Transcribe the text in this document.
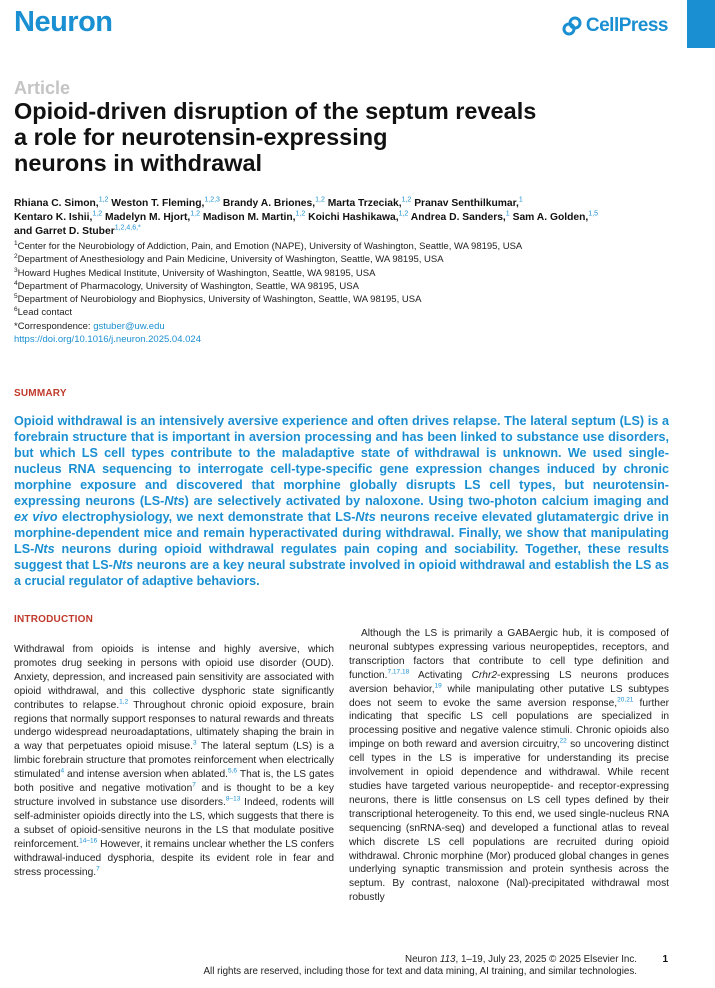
Neuron	CellPress
Article
Opioid-driven disruption of the septum reveals
a role for neurotensin-expressing
neurons in withdrawal
Rhiana C. Simon,$^{1,2}$ Weston T. Fleming,$^{1,2,3}$ Brandy A. Briones,$^{1,2}$ Marta Trzeciak,$^{1,2}$ Pranav Senthilkumar,$^1$
Kentaro K. Ishii,$^{1,2}$ Madelyn M. Hjort,$^{1,2}$ Madison M. Martin,$^{1,2}$ Koichi Hashikawa,$^{1,2}$ Andrea D. Sanders,$^1$ Sam A. Golden,$^{1,5}$
and Garret D. Stuber$^{1,2,4,6,*}$
$^1$Center for the Neurobiology of Addiction, Pain, and Emotion (NAPE), University of Washington, Seattle, WA 98195, USA
$^2$Department of Anesthesiology and Pain Medicine, University of Washington, Seattle, WA 98195, USA
$^3$Howard Hughes Medical Institute, University of Washington, Seattle, WA 98195, USA
$^4$Department of Pharmacology, University of Washington, Seattle, WA 98195, USA
$^5$Department of Neurobiology and Biophysics, University of Washington, Seattle, WA 98195, USA
$^6$Lead contact
*Correspondence: gstuber@uw.edu
https://doi.org/10.1016/j.neuron.2025.04.024
SUMMARY
Opioid withdrawal is an intensively aversive experience and often drives relapse. The lateral septum (LS) is a forebrain structure that is important in aversion processing and has been linked to substance use disorders, but which LS cell types contribute to the maladaptive state of withdrawal is unknown. We used single-nucleus RNA sequencing to interrogate cell-type-specific gene expression changes induced by chronic morphine exposure and discovered that morphine globally disrupts LS cell types, but neurotensin-expressing neurons (LS-Nts) are selectively activated by naloxone. Using two-photon calcium imaging and ex vivo electrophysiology, we next demonstrate that LS-Nts neurons receive elevated glutamatergic drive in morphine-dependent mice and remain hyperactivated during withdrawal. Finally, we show that manipulating LS-Nts neurons during opioid withdrawal regulates pain coping and sociability. Together, these results suggest that LS-Nts neurons are a key neural substrate involved in opioid withdrawal and establish the LS as a crucial regulator of adaptive behaviors.
INTRODUCTION
Withdrawal from opioids is intense and highly aversive, which promotes drug seeking in persons with opioid use disorder (OUD). Anxiety, depression, and increased pain sensitivity are associated with opioid withdrawal, and this collective dysphoric state significantly contributes to relapse.$^{1,2}$ Throughout chronic opioid exposure, brain regions that normally support responses to natural rewards and threats undergo widespread neuroadaptations, ultimately shaping the brain in a way that perpetuates opioid misuse.$^3$ The lateral septum (LS) is a limbic forebrain structure that promotes reinforcement when electrically stimulated$^4$ and intense aversion when ablated.$^{5,6}$ That is, the LS gates both positive and negative motivation$^7$ and is thought to be a key structure involved in substance use disorders.$^{8-13}$ Indeed, rodents will self-administer opioids directly into the LS, which suggests that there is a subset of opioid-sensitive neurons in the LS that modulate positive reinforcement.$^{14-16}$ However, it remains unclear whether the LS confers withdrawal-induced dysphoria, despite its evident role in fear and stress processing.$^7$
Although the LS is primarily a GABAergic hub, it is composed of neuronal subtypes expressing various neuropeptides, receptors, and transcription factors that contribute to cell type definition and function.$^{7,17,18}$ Activating Crhr2-expressing LS neurons produces aversion behavior,$^{19}$ while manipulating other putative LS subtypes does not seem to evoke the same aversion response,$^{20,21}$ further indicating that specific LS cell populations are specialized in processing positive and negative valence stimuli. Chronic opioids also impinge on both reward and aversion circuitry,$^{22}$ so uncovering distinct cell types in the LS is imperative for understanding its precise involvement in opioid dependence and withdrawal. While recent studies have targeted various neuropeptide- and receptor-expressing neurons, there is little consensus on LS cell types defined by their transcriptional heterogeneity. To this end, we used single-nucleus RNA sequencing (snRNA-seq) and developed a functional atlas to reveal which discrete LS cell populations are recruited during opioid withdrawal. Chronic morphine (Mor) produced global changes in genes underlying synaptic transmission and protein synthesis across the septum. By contrast, naloxone (Nal)-precipitated withdrawal most robustly
Neuron 113, 1–19, July 23, 2025 © 2025 Elsevier Inc.	1
All rights are reserved, including those for text and data mining, AI training, and similar technologies.
